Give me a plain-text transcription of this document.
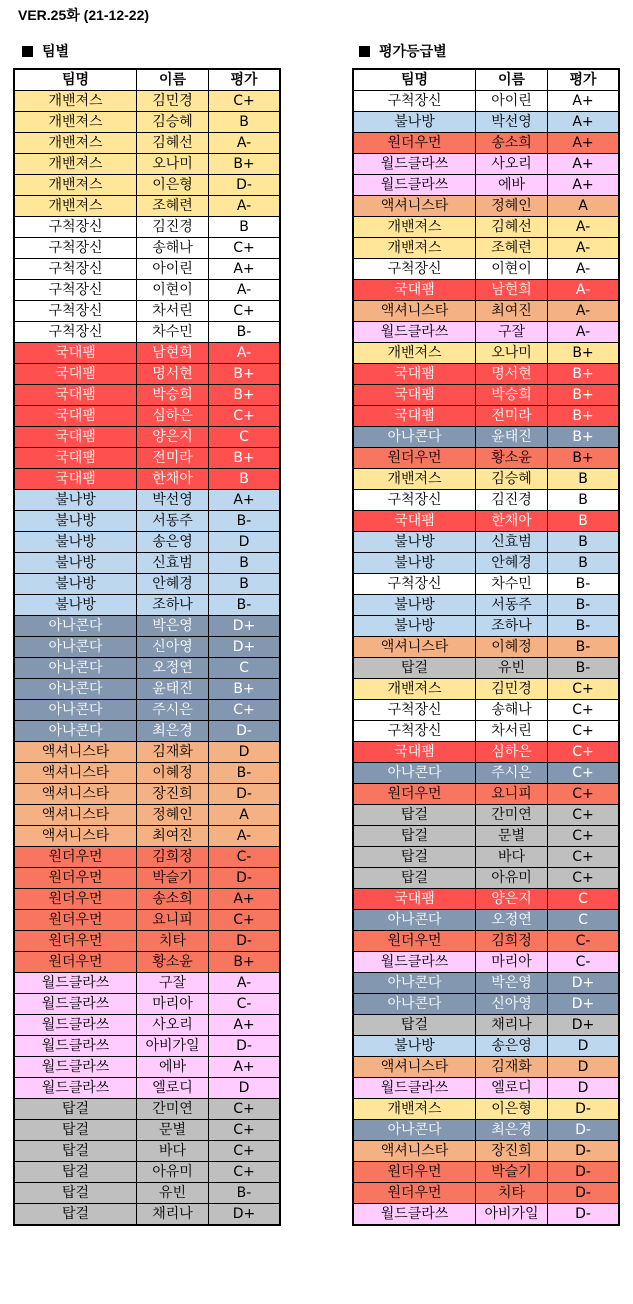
VER.25화 (21-12-22)
팀별	평가등급별
팀명	이름	평가
개밴져스	김민경	C+
개밴져스	김승혜	B
개밴져스	김혜선	A-
개밴져스	오나미	B+
개밴져스	이은형	D-
개밴져스	조혜련	A-
구척장신	김진경	B
구척장신	송해나	C+
구척장신	아이린	A+
구척장신	이현이	A-
구척장신	차서린	C+
구척장신	차수민	B-
국대팸	남현희	A-
국대팸	명서현	B+
국대팸	박승희	B+
국대팸	심하은	C+
국대팸	양은지	C
국대팸	전미라	B+
국대팸	한채아	B
불나방	박선영	A+
불나방	서동주	B-
불나방	송은영	D
불나방	신효범	B
불나방	안혜경	B
불나방	조하나	B-
아나콘다	박은영	D+
아나콘다	신아영	D+
아나콘다	오정연	C
아나콘다	윤태진	B+
아나콘다	주시은	C+
아나콘다	최은경	D-
액셔니스타	김재화	D
액셔니스타	이혜정	B-
액셔니스타	장진희	D-
액셔니스타	정혜인	A
액셔니스타	최여진	A-
원더우먼	김희정	C-
원더우먼	박슬기	D-
원더우먼	송소희	A+
원더우먼	요니피	C+
원더우먼	치타	D-
원더우먼	황소윤	B+
월드클라쓰	구잘	A-
월드클라쓰	마리아	C-
월드클라쓰	사오리	A+
월드클라쓰	아비가일	D-
월드클라쓰	에바	A+
월드클라쓰	엘로디	D
탑걸	간미연	C+
탑걸	문별	C+
탑걸	바다	C+
탑걸	아유미	C+
탑걸	유빈	B-
탑걸	채리나	D+
팀명	이름	평가
구척장신	아이린	A+
불나방	박선영	A+
원더우먼	송소희	A+
월드클라쓰	사오리	A+
월드클라쓰	에바	A+
액셔니스타	정혜인	A
개밴져스	김혜선	A-
개밴져스	조혜련	A-
구척장신	이현이	A-
국대팸	남현희	A-
액셔니스타	최여진	A-
월드클라쓰	구잘	A-
개밴져스	오나미	B+
국대팸	명서현	B+
국대팸	박승희	B+
국대팸	전미라	B+
아나콘다	윤태진	B+
원더우먼	황소윤	B+
개밴져스	김승혜	B
구척장신	김진경	B
국대팸	한채아	B
불나방	신효범	B
불나방	안혜경	B
구척장신	차수민	B-
불나방	서동주	B-
불나방	조하나	B-
액셔니스타	이혜정	B-
탑걸	유빈	B-
개밴져스	김민경	C+
구척장신	송해나	C+
구척장신	차서린	C+
국대팸	심하은	C+
아나콘다	주시은	C+
원더우먼	요니피	C+
탑걸	간미연	C+
탑걸	문별	C+
탑걸	바다	C+
탑걸	아유미	C+
국대팸	양은지	C
아나콘다	오정연	C
원더우먼	김희정	C-
월드클라쓰	마리아	C-
아나콘다	박은영	D+
아나콘다	신아영	D+
탑걸	채리나	D+
불나방	송은영	D
액셔니스타	김재화	D
월드클라쓰	엘로디	D
개밴져스	이은형	D-
아나콘다	최은경	D-
액셔니스타	장진희	D-
원더우먼	박슬기	D-
원더우먼	치타	D-
월드클라쓰	아비가일	D-
